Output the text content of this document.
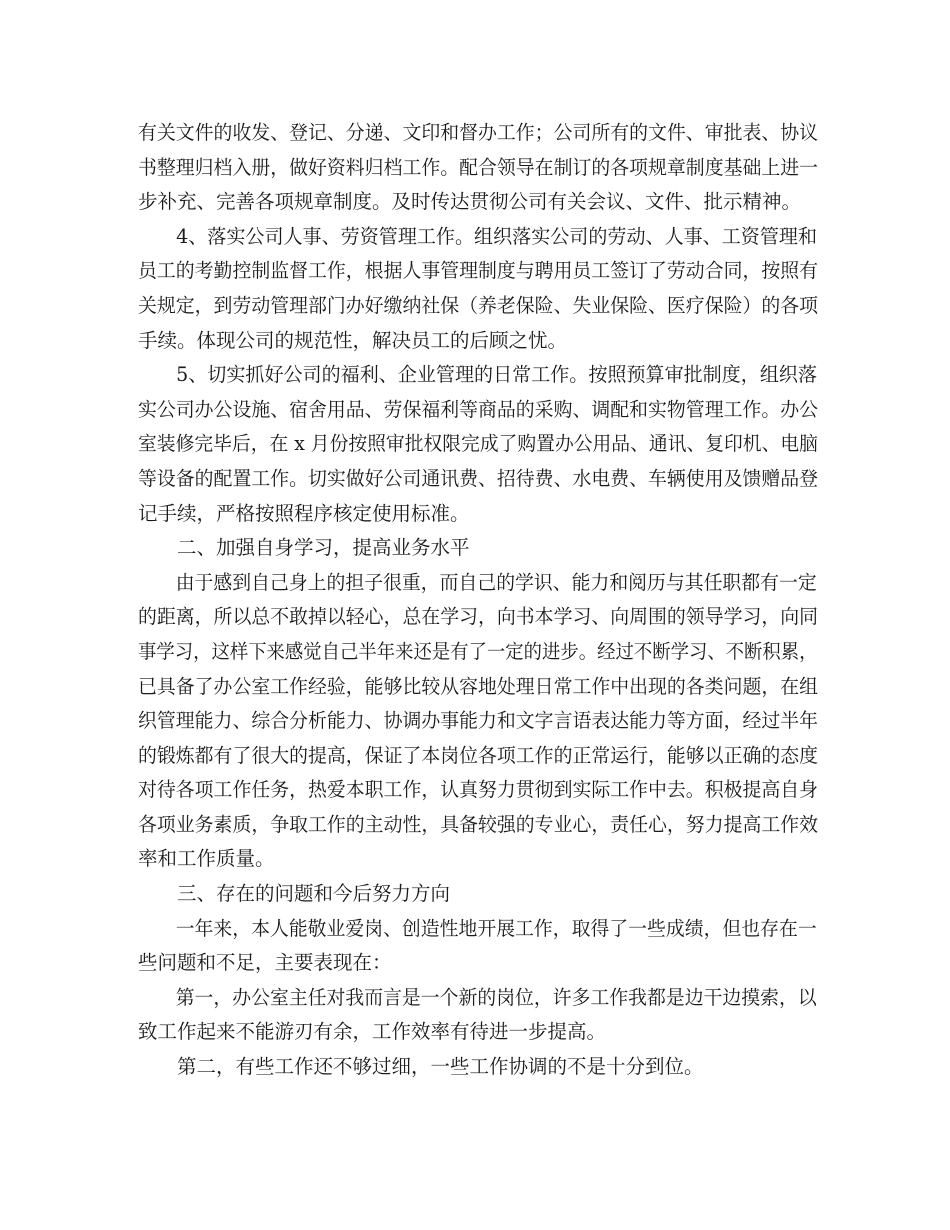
有关文件的收发、登记、分递、文印和督办工作；公司所有的文件、审批表、协议
书整理归档入册，做好资料归档工作。配合领导在制订的各项规章制度基础上进一
步补充、完善各项规章制度。及时传达贯彻公司有关会议、文件、批示精神。
4、落实公司人事、劳资管理工作。组织落实公司的劳动、人事、工资管理和
员工的考勤控制监督工作，根据人事管理制度与聘用员工签订了劳动合同，按照有
关规定，到劳动管理部门办好缴纳社保（养老保险、失业保险、医疗保险）的各项
手续。体现公司的规范性，解决员工的后顾之忧。
5、切实抓好公司的福利、企业管理的日常工作。按照预算审批制度，组织落
实公司办公设施、宿舍用品、劳保福利等商品的采购、调配和实物管理工作。办公
室装修完毕后，在 x 月份按照审批权限完成了购置办公用品、通讯、复印机、电脑
等设备的配置工作。切实做好公司通讯费、招待费、水电费、车辆使用及馈赠品登
记手续，严格按照程序核定使用标准。
二、加强自身学习，提高业务水平
由于感到自己身上的担子很重，而自己的学识、能力和阅历与其任职都有一定
的距离，所以总不敢掉以轻心，总在学习，向书本学习、向周围的领导学习，向同
事学习，这样下来感觉自己半年来还是有了一定的进步。经过不断学习、不断积累，
已具备了办公室工作经验，能够比较从容地处理日常工作中出现的各类问题，在组
织管理能力、综合分析能力、协调办事能力和文字言语表达能力等方面，经过半年
的锻炼都有了很大的提高，保证了本岗位各项工作的正常运行，能够以正确的态度
对待各项工作任务，热爱本职工作，认真努力贯彻到实际工作中去。积极提高自身
各项业务素质，争取工作的主动性，具备较强的专业心，责任心，努力提高工作效
率和工作质量。
三、存在的问题和今后努力方向
一年来，本人能敬业爱岗、创造性地开展工作，取得了一些成绩，但也存在一
些问题和不足，主要表现在：
第一，办公室主任对我而言是一个新的岗位，许多工作我都是边干边摸索，以
致工作起来不能游刃有余，工作效率有待进一步提高。
第二，有些工作还不够过细，一些工作协调的不是十分到位。
